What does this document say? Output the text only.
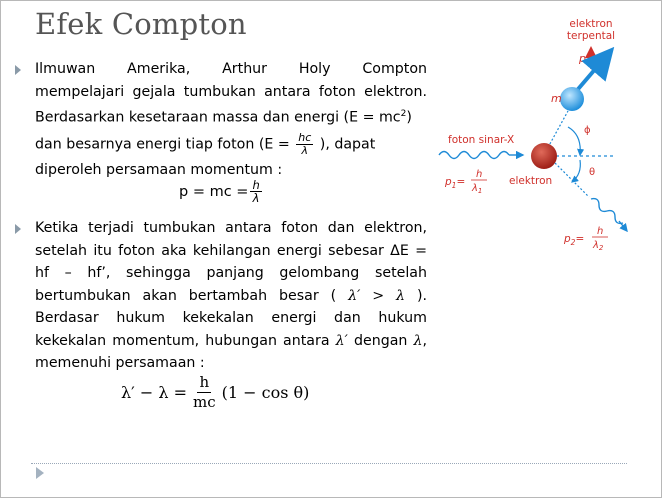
Efek Compton
Ilmuwan Amerika, Arthur Holy Compton
mempelajari gejala tumbukan antara foton elektron.
Berdasarkan kesetaraan massa dan energi $(E = mc^2)$
dan besarnya energi tiap foton ($E = \frac{hc}{\lambda}$ ), dapat
diperoleh persamaan momentum :
p = mc = $\frac{h}{\lambda}$
Ketika terjadi tumbukan antara foton dan elektron,
setelah itu foton aka kehilangan energi sebesar ΔE =
hf – hf’, sehingga panjang gelombang setelah
bertumbukan akan bertambah besar ( λ′ > λ ).
Berdasar hukum kekekalan energi dan hukum
kekekalan momentum, hubungan antara λ′ dengan λ,
memenuhi persamaan :
$\lambda' - \lambda = \frac{h}{mc} (1 - \cos \theta)$
elektron
terpental
$p_e$
m
foton sinar-X
elektron
ϕ
θ
$p_1=$
h
$\lambda_1$
$p_2=$
h
$\lambda_2$
